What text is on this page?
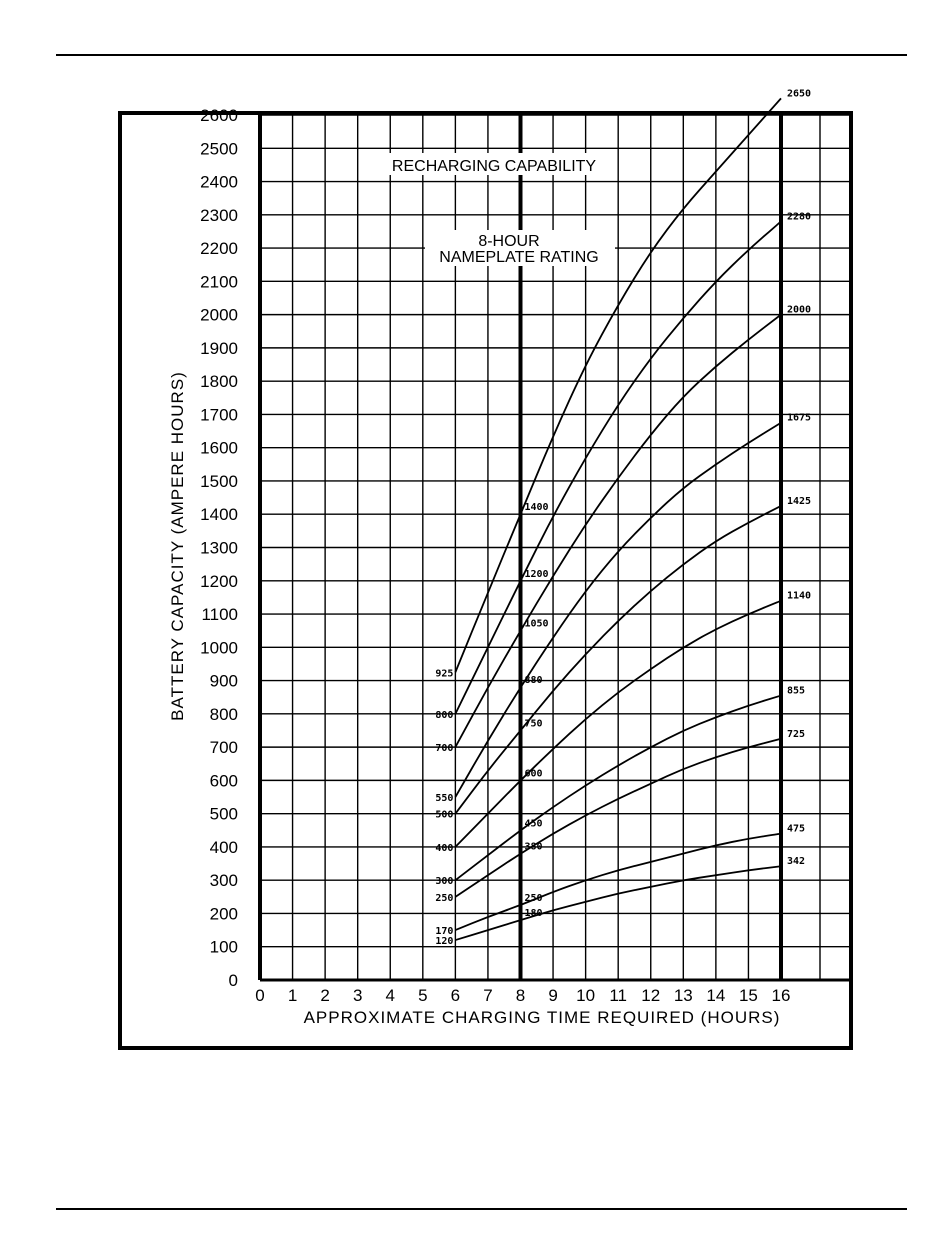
925
1400
2650
800
1200
2280
700
1050
2000
550
880
1675
500
750
1425
400
600
1140
300
450
855
250
380
725
170
250
475
120
180
342
0
100
200
300
400
500
600
700
800
900
1000
1100
1200
1300
1400
1500
1600
1700
1800
1900
2000
2100
2200
2300
2400
2500
2600
0 1 2 3 4 5 6 7 8 9 10 11 12 13 14 15 16
RECHARGING CAPABILITY
8-HOUR
NAMEPLATE RATING
BATTERY CAPACITY (AMPERE HOURS)
APPROXIMATE CHARGING TIME REQUIRED (HOURS)
